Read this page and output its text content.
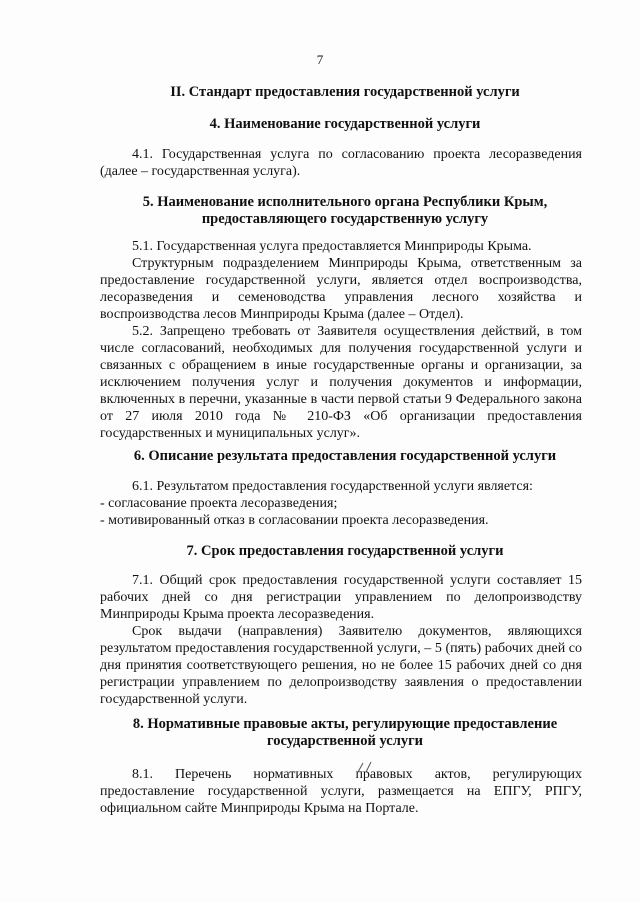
7
II. Стандарт предоставления государственной услуги
4. Наименование государственной услуги

4.1. Государственная услуга по согласованию проекта лесоразведения (далее – государственная услуга).

5. Наименование исполнительного органа Республики Крым,
предоставляющего государственную услугу

5.1. Государственная услуга предоставляется Минприроды Крыма.

Структурным подразделением Минприроды Крыма, ответственным за предоставление государственной услуги, является отдел воспроизводства, лесоразведения и семеноводства управления лесного хозяйства и воспроизводства лесов Минприроды Крыма (далее – Отдел).

5.2. Запрещено требовать от Заявителя осуществления действий, в том числе согласований, необходимых для получения государственной услуги и связанных с обращением в иные государственные органы и организации, за исключением получения услуг и получения документов и информации, включенных в перечни, указанные в части первой статьи 9 Федерального закона от 27 июля 2010 года № 210-ФЗ «Об организации предоставления государственных и муниципальных услуг».

6. Описание результата предоставления государственной услуги

6.1. Результатом предоставления государственной услуги является:

- согласование проекта лесоразведения;

- мотивированный отказ в согласовании проекта лесоразведения.

7. Срок предоставления государственной услуги

7.1. Общий срок предоставления государственной услуги составляет 15 рабочих дней со дня регистрации управлением по делопроизводству Минприроды Крыма проекта лесоразведения.

Срок выдачи (направления) Заявителю документов, являющихся результатом предоставления государственной услуги, – 5 (пять) рабочих дней со дня принятия соответствующего решения, но не более 15 рабочих дней со дня регистрации управлением по делопроизводству заявления о предоставлении государственной услуги.

8. Нормативные правовые акты, регулирующие предоставление
государственной услуги

8.1. Перечень нормативных правовых актов, регулирующих предоставление государственной услуги, размещается на ЕПГУ, РПГУ, официальном сайте Минприроды Крыма на Портале.
